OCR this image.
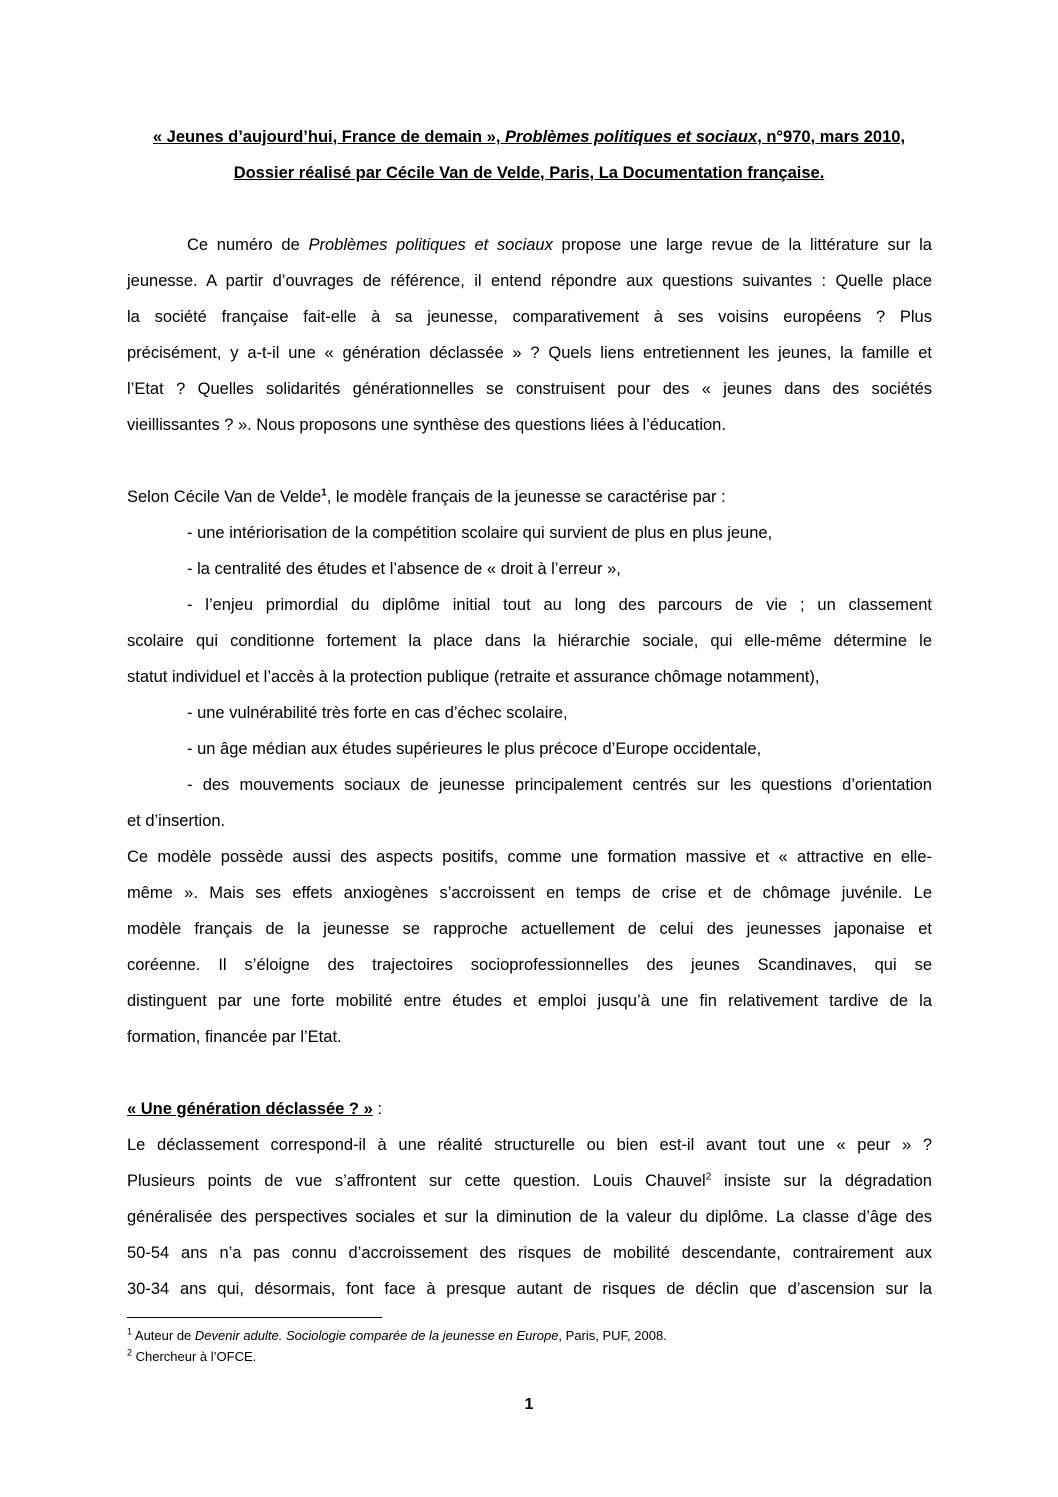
« Jeunes d’aujourd’hui, France de demain », Problèmes politiques et sociaux, n°970, mars 2010,
Dossier réalisé par Cécile Van de Velde, Paris, La Documentation française.
Ce numéro de Problèmes politiques et sociaux propose une large revue de la littérature sur la
jeunesse. A partir d’ouvrages de référence, il entend répondre aux questions suivantes : Quelle place
la société française fait-elle à sa jeunesse, comparativement à ses voisins européens ? Plus
précisément, y a-t-il une « génération déclassée » ? Quels liens entretiennent les jeunes, la famille et
l’Etat ? Quelles solidarités générationnelles se construisent pour des « jeunes dans des sociétés
vieillissantes ? ». Nous proposons une synthèse des questions liées à l’éducation.
Selon Cécile Van de Velde$^1$, le modèle français de la jeunesse se caractérise par :
- une intériorisation de la compétition scolaire qui survient de plus en plus jeune,
- la centralité des études et l’absence de « droit à l’erreur »,
- l’enjeu primordial du diplôme initial tout au long des parcours de vie ; un classement
scolaire qui conditionne fortement la place dans la hiérarchie sociale, qui elle-même détermine le
statut individuel et l’accès à la protection publique (retraite et assurance chômage notamment),
- une vulnérabilité très forte en cas d’échec scolaire,
- un âge médian aux études supérieures le plus précoce d’Europe occidentale,
- des mouvements sociaux de jeunesse principalement centrés sur les questions d’orientation
et d’insertion.
Ce modèle possède aussi des aspects positifs, comme une formation massive et « attractive en elle-
même ». Mais ses effets anxiogènes s’accroissent en temps de crise et de chômage juvénile. Le
modèle français de la jeunesse se rapproche actuellement de celui des jeunesses japonaise et
coréenne. Il s’éloigne des trajectoires socioprofessionnelles des jeunes Scandinaves, qui se
distinguent par une forte mobilité entre études et emploi jusqu’à une fin relativement tardive de la
formation, financée par l’Etat.
« Une génération déclassée ? » :
Le déclassement correspond-il à une réalité structurelle ou bien est-il avant tout une « peur » ?
Plusieurs points de vue s’affrontent sur cette question. Louis Chauvel$^2$ insiste sur la dégradation
généralisée des perspectives sociales et sur la diminution de la valeur du diplôme. La classe d’âge des
50-54 ans n’a pas connu d’accroissement des risques de mobilité descendante, contrairement aux
30-34 ans qui, désormais, font face à presque autant de risques de déclin que d’ascension sur la
$^1$ Auteur de Devenir adulte. Sociologie comparée de la jeunesse en Europe, Paris, PUF, 2008.
$^2$ Chercheur à l’OFCE.
1
